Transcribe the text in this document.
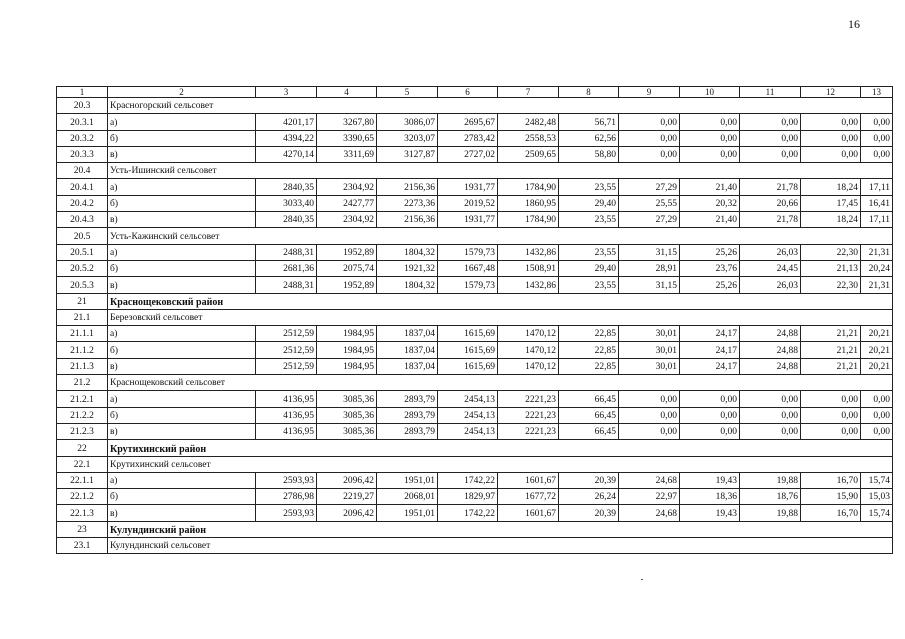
16
1	2	3	4	5	6	7	8	9	10	11	12	13
20.3	Красногорский сельсовет											
20.3.1	а)	4201,17	3267,80	3086,07	2695,67	2482,48	56,71	0,00	0,00	0,00	0,00	0,00
20.3.2	б)	4394,22	3390,65	3203,07	2783,42	2558,53	62,56	0,00	0,00	0,00	0,00	0,00
20.3.3	в)	4270,14	3311,69	3127,87	2727,02	2509,65	58,80	0,00	0,00	0,00	0,00	0,00
20.4	Усть-Ишинский сельсовет											
20.4.1	а)	2840,35	2304,92	2156,36	1931,77	1784,90	23,55	27,29	21,40	21,78	18,24	17,11
20.4.2	б)	3033,40	2427,77	2273,36	2019,52	1860,95	29,40	25,55	20,32	20,66	17,45	16,41
20.4.3	в)	2840,35	2304,92	2156,36	1931,77	1784,90	23,55	27,29	21,40	21,78	18,24	17,11
20.5	Усть-Кажинский сельсовет											
20.5.1	а)	2488,31	1952,89	1804,32	1579,73	1432,86	23,55	31,15	25,26	26,03	22,30	21,31
20.5.2	б)	2681,36	2075,74	1921,32	1667,48	1508,91	29,40	28,91	23,76	24,45	21,13	20,24
20.5.3	в)	2488,31	1952,89	1804,32	1579,73	1432,86	23,55	31,15	25,26	26,03	22,30	21,31
21	Краснощековский район											
21.1	Березовский сельсовет											
21.1.1	а)	2512,59	1984,95	1837,04	1615,69	1470,12	22,85	30,01	24,17	24,88	21,21	20,21
21.1.2	б)	2512,59	1984,95	1837,04	1615,69	1470,12	22,85	30,01	24,17	24,88	21,21	20,21
21.1.3	в)	2512,59	1984,95	1837,04	1615,69	1470,12	22,85	30,01	24,17	24,88	21,21	20,21
21.2	Краснощековский сельсовет											
21.2.1	а)	4136,95	3085,36	2893,79	2454,13	2221,23	66,45	0,00	0,00	0,00	0,00	0,00
21.2.2	б)	4136,95	3085,36	2893,79	2454,13	2221,23	66,45	0,00	0,00	0,00	0,00	0,00
21.2.3	в)	4136,95	3085,36	2893,79	2454,13	2221,23	66,45	0,00	0,00	0,00	0,00	0,00
22	Крутихинский район											
22.1	Крутихинский сельсовет											
22.1.1	а)	2593,93	2096,42	1951,01	1742,22	1601,67	20,39	24,68	19,43	19,88	16,70	15,74
22.1.2	б)	2786,98	2219,27	2068,01	1829,97	1677,72	26,24	22,97	18,36	18,76	15,90	15,03
22.1.3	в)	2593,93	2096,42	1951,01	1742,22	1601,67	20,39	24,68	19,43	19,88	16,70	15,74
23	Кулундинский район											
23.1	Кулундинский сельсовет											
